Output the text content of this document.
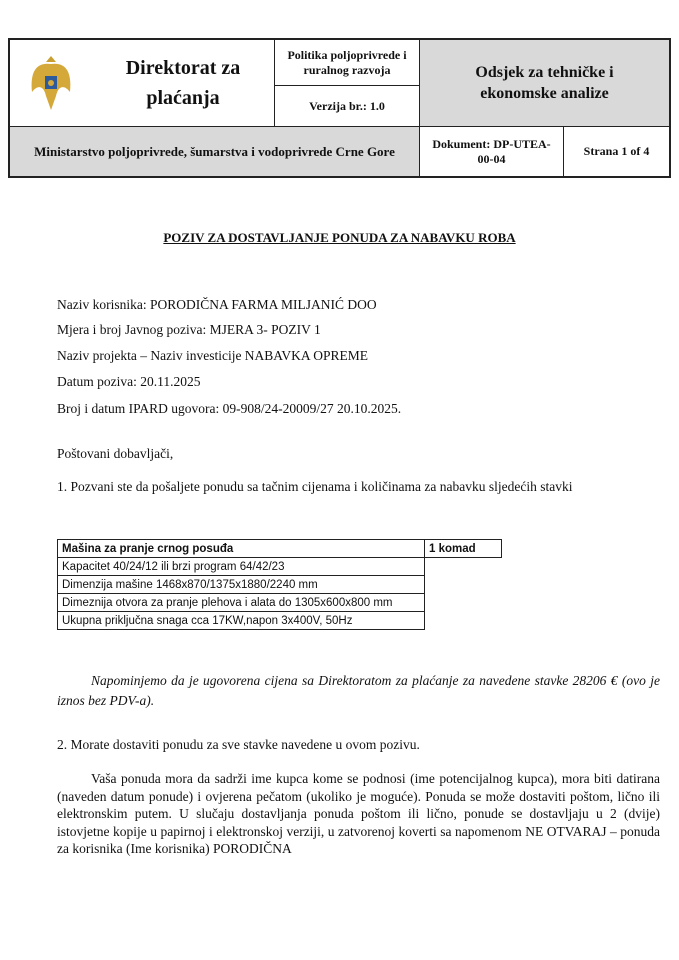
Direktorat za plaćanja
Politika poljoprivrede i ruralnog razvoja
Verzija br.: 1.0
Odsjek za tehničke i ekonomske analize
Ministarstvo poljoprivrede, šumarstva i vodoprivrede Crne Gore	Dokument: DP-UTEA-00-04
Strana 1 of 4
POZIV ZA DOSTAVLJANJE PONUDA ZA NABAVKU ROBA
Naziv korisnika: PORODIČNA FARMA MILJANIĆ DOO
Mjera i broj Javnog poziva: MJERA 3- POZIV 1
Naziv projekta – Naziv investicije NABAVKA OPREME
Datum poziva: 20.11.2025
Broj i datum IPARD ugovora: 09-908/24-20009/27 20.10.2025.
Poštovani dobavljači,
1. Pozvani ste da pošaljete ponudu sa tačnim cijenama i količinama za nabavku sljedećih stavki
Mašina za pranje crnog posuđa	1 komad
Kapacitet 40/24/12 ili brzi program 64/42/23	
Dimenzija mašine 1468x870/1375x1880/2240 mm	
Dimeznija otvora za pranje plehova i alata do 1305x600x800 mm	
Ukupna priključna snaga cca 17KW,napon 3x400V, 50Hz	
Napominjemo da je ugovorena cijena sa Direktoratom za plaćanje za navedene stavke 28206 € (ovo je iznos bez PDV-a).
2. Morate dostaviti ponudu za sve stavke navedene u ovom pozivu.
Vaša ponuda mora da sadrži ime kupca kome se podnosi (ime potencijalnog kupca), mora biti datirana (naveden datum ponude) i ovjerena pečatom (ukoliko je moguće). Ponuda se može dostaviti poštom, lično ili elektronskim putem. U slučaju dostavljanja ponuda poštom ili lično, ponude se dostavljaju u 2 (dvije) istovjetne kopije u papirnoj i elektronskoj verziji, u zatvorenoj koverti sa napomenom NE OTVARAJ – ponuda za korisnika (Ime korisnika) PORODIČNA
